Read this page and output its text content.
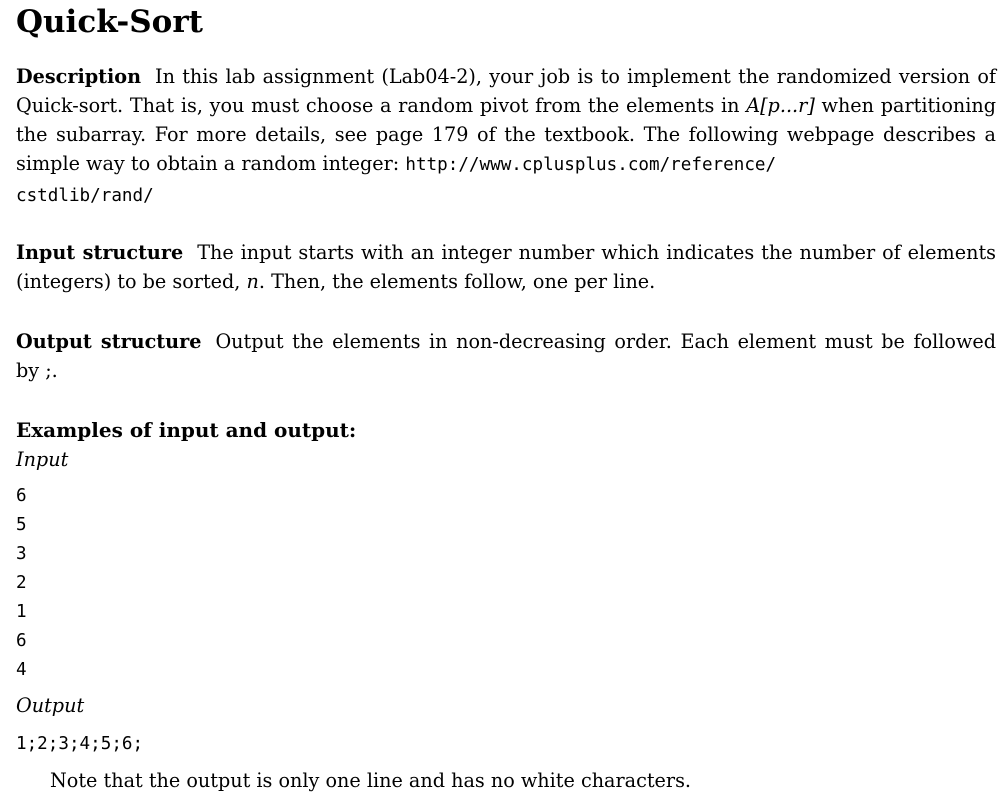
Quick-Sort
Description In this lab assignment (Lab04-2), your job is to implement the randomized version of Quick-sort. That is, you must choose a random pivot from the elements in A[p...r] when partitioning the subarray. For more details, see page 179 of the textbook. The following webpage describes a simple way to obtain a random integer: http://www.cplusplus.com/reference/
cstdlib/rand/
Input structure The input starts with an integer number which indicates the number of elements (integers) to be sorted, n. Then, the elements follow, one per line.
Output structure Output the elements in non-decreasing order. Each element must be followed by ;.
Examples of input and output:
Input
6
5
3
2
1
6
4
Output
1;2;3;4;5;6;
Note that the output is only one line and has no white characters.
